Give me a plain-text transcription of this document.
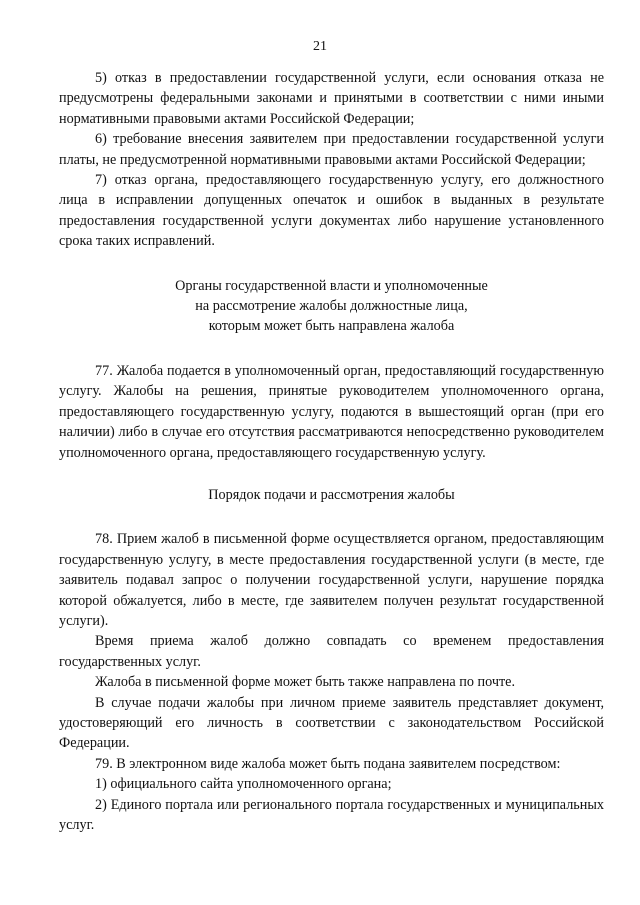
21

5) отказ в предоставлении государственной услуги, если основания отказа не предусмотрены федеральными законами и принятыми в соответствии с ними иными нормативными правовыми актами Российской Федерации;

6) требование внесения заявителем при предоставлении государственной услуги платы, не предусмотренной нормативными правовыми актами Российской Федерации;

7) отказ органа, предоставляющего государственную услугу, его должностного лица в исправлении допущенных опечаток и ошибок в выданных в результате предоставления государственной услуги документах либо нарушение установленного срока таких исправлений.

Органы государственной власти и уполномоченные
на рассмотрение жалобы должностные лица,
которым может быть направлена жалоба

77. Жалоба подается в уполномоченный орган, предоставляющий государственную услугу. Жалобы на решения, принятые руководителем уполномоченного органа, предоставляющего государственную услугу, подаются в вышестоящий орган (при его наличии) либо в случае его отсутствия рассматриваются непосредственно руководителем уполномоченного органа, предоставляющего государственную услугу.

Порядок подачи и рассмотрения жалобы

78. Прием жалоб в письменной форме осуществляется органом, предоставляющим государственную услугу, в месте предоставления государственной услуги (в месте, где заявитель подавал запрос о получении государственной услуги, нарушение порядка которой обжалуется, либо в месте, где заявителем получен результат государственной услуги).

Время приема жалоб должно совпадать со временем предоставления государственных услуг.

Жалоба в письменной форме может быть также направлена по почте.

В случае подачи жалобы при личном приеме заявитель представляет документ, удостоверяющий его личность в соответствии с законодательством Российской Федерации.

79. В электронном виде жалоба может быть подана заявителем посредством:

1) официального сайта уполномоченного органа;

2) Единого портала или регионального портала государственных и муниципальных услуг.
